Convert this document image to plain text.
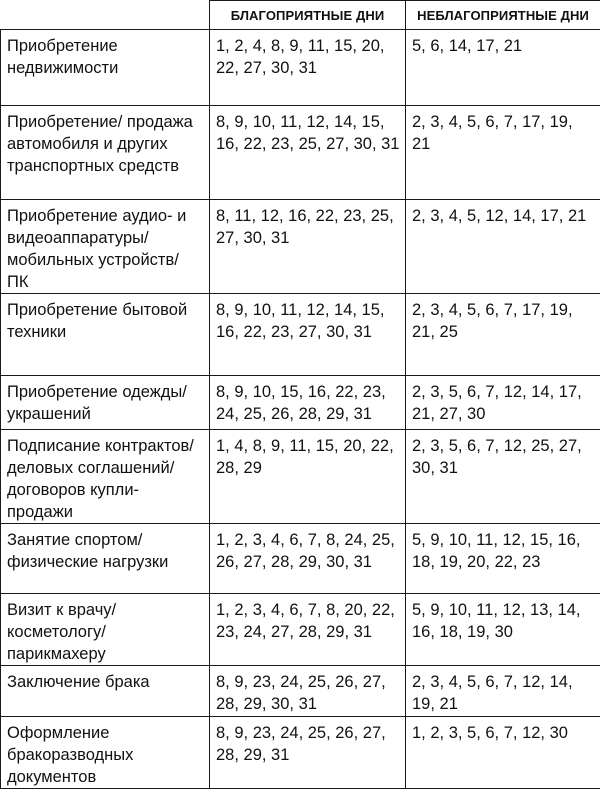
	БЛАГОПРИЯТНЫЕ ДНИ	НЕБЛАГОПРИЯТНЫЕ ДНИ
Приобретение недвижимости	1, 2, 4, 8, 9, 11, 15, 20, 22, 27, 30, 31	5, 6, 14, 17, 21
Приобретение/ продажа автомобиля и других транспортных средств	8, 9, 10, 11, 12, 14, 15, 16, 22, 23, 25, 27, 30, 31	2, 3, 4, 5, 6, 7, 17, 19, 21
Приобретение аудио- и видеоаппаратуры/ мобильных устройств/ ПК	8, 11, 12, 16, 22, 23, 25, 27, 30, 31	2, 3, 4, 5, 12, 14, 17, 21
Приобретение бытовой техники	8, 9, 10, 11, 12, 14, 15, 16, 22, 23, 27, 30, 31	2, 3, 4, 5, 6, 7, 17, 19, 21, 25
Приобретение одежды/украшений	8, 9, 10, 15, 16, 22, 23, 24, 25, 26, 28, 29, 31	2, 3, 5, 6, 7, 12, 14, 17, 21, 27, 30
Подписание контрактов/деловых соглашений/договоров купли-продажи	1, 4, 8, 9, 11, 15, 20, 22, 28, 29	2, 3, 5, 6, 7, 12, 25, 27, 30, 31
Занятие спортом/ физические нагрузки	1, 2, 3, 4, 6, 7, 8, 24, 25, 26, 27, 28, 29, 30, 31	5, 9, 10, 11, 12, 15, 16, 18, 19, 20, 22, 23
Визит к врачу/ косметологу/ парикмахеру	1, 2, 3, 4, 6, 7, 8, 20, 22, 23, 24, 27, 28, 29, 31	5, 9, 10, 11, 12, 13, 14, 16, 18, 19, 30
Заключение брака	8, 9, 23, 24, 25, 26, 27, 28, 29, 30, 31	2, 3, 4, 5, 6, 7, 12, 14, 19, 21
Оформление бракоразводных документов	8, 9, 23, 24, 25, 26, 27, 28, 29, 31	1, 2, 3, 5, 6, 7, 12, 30
